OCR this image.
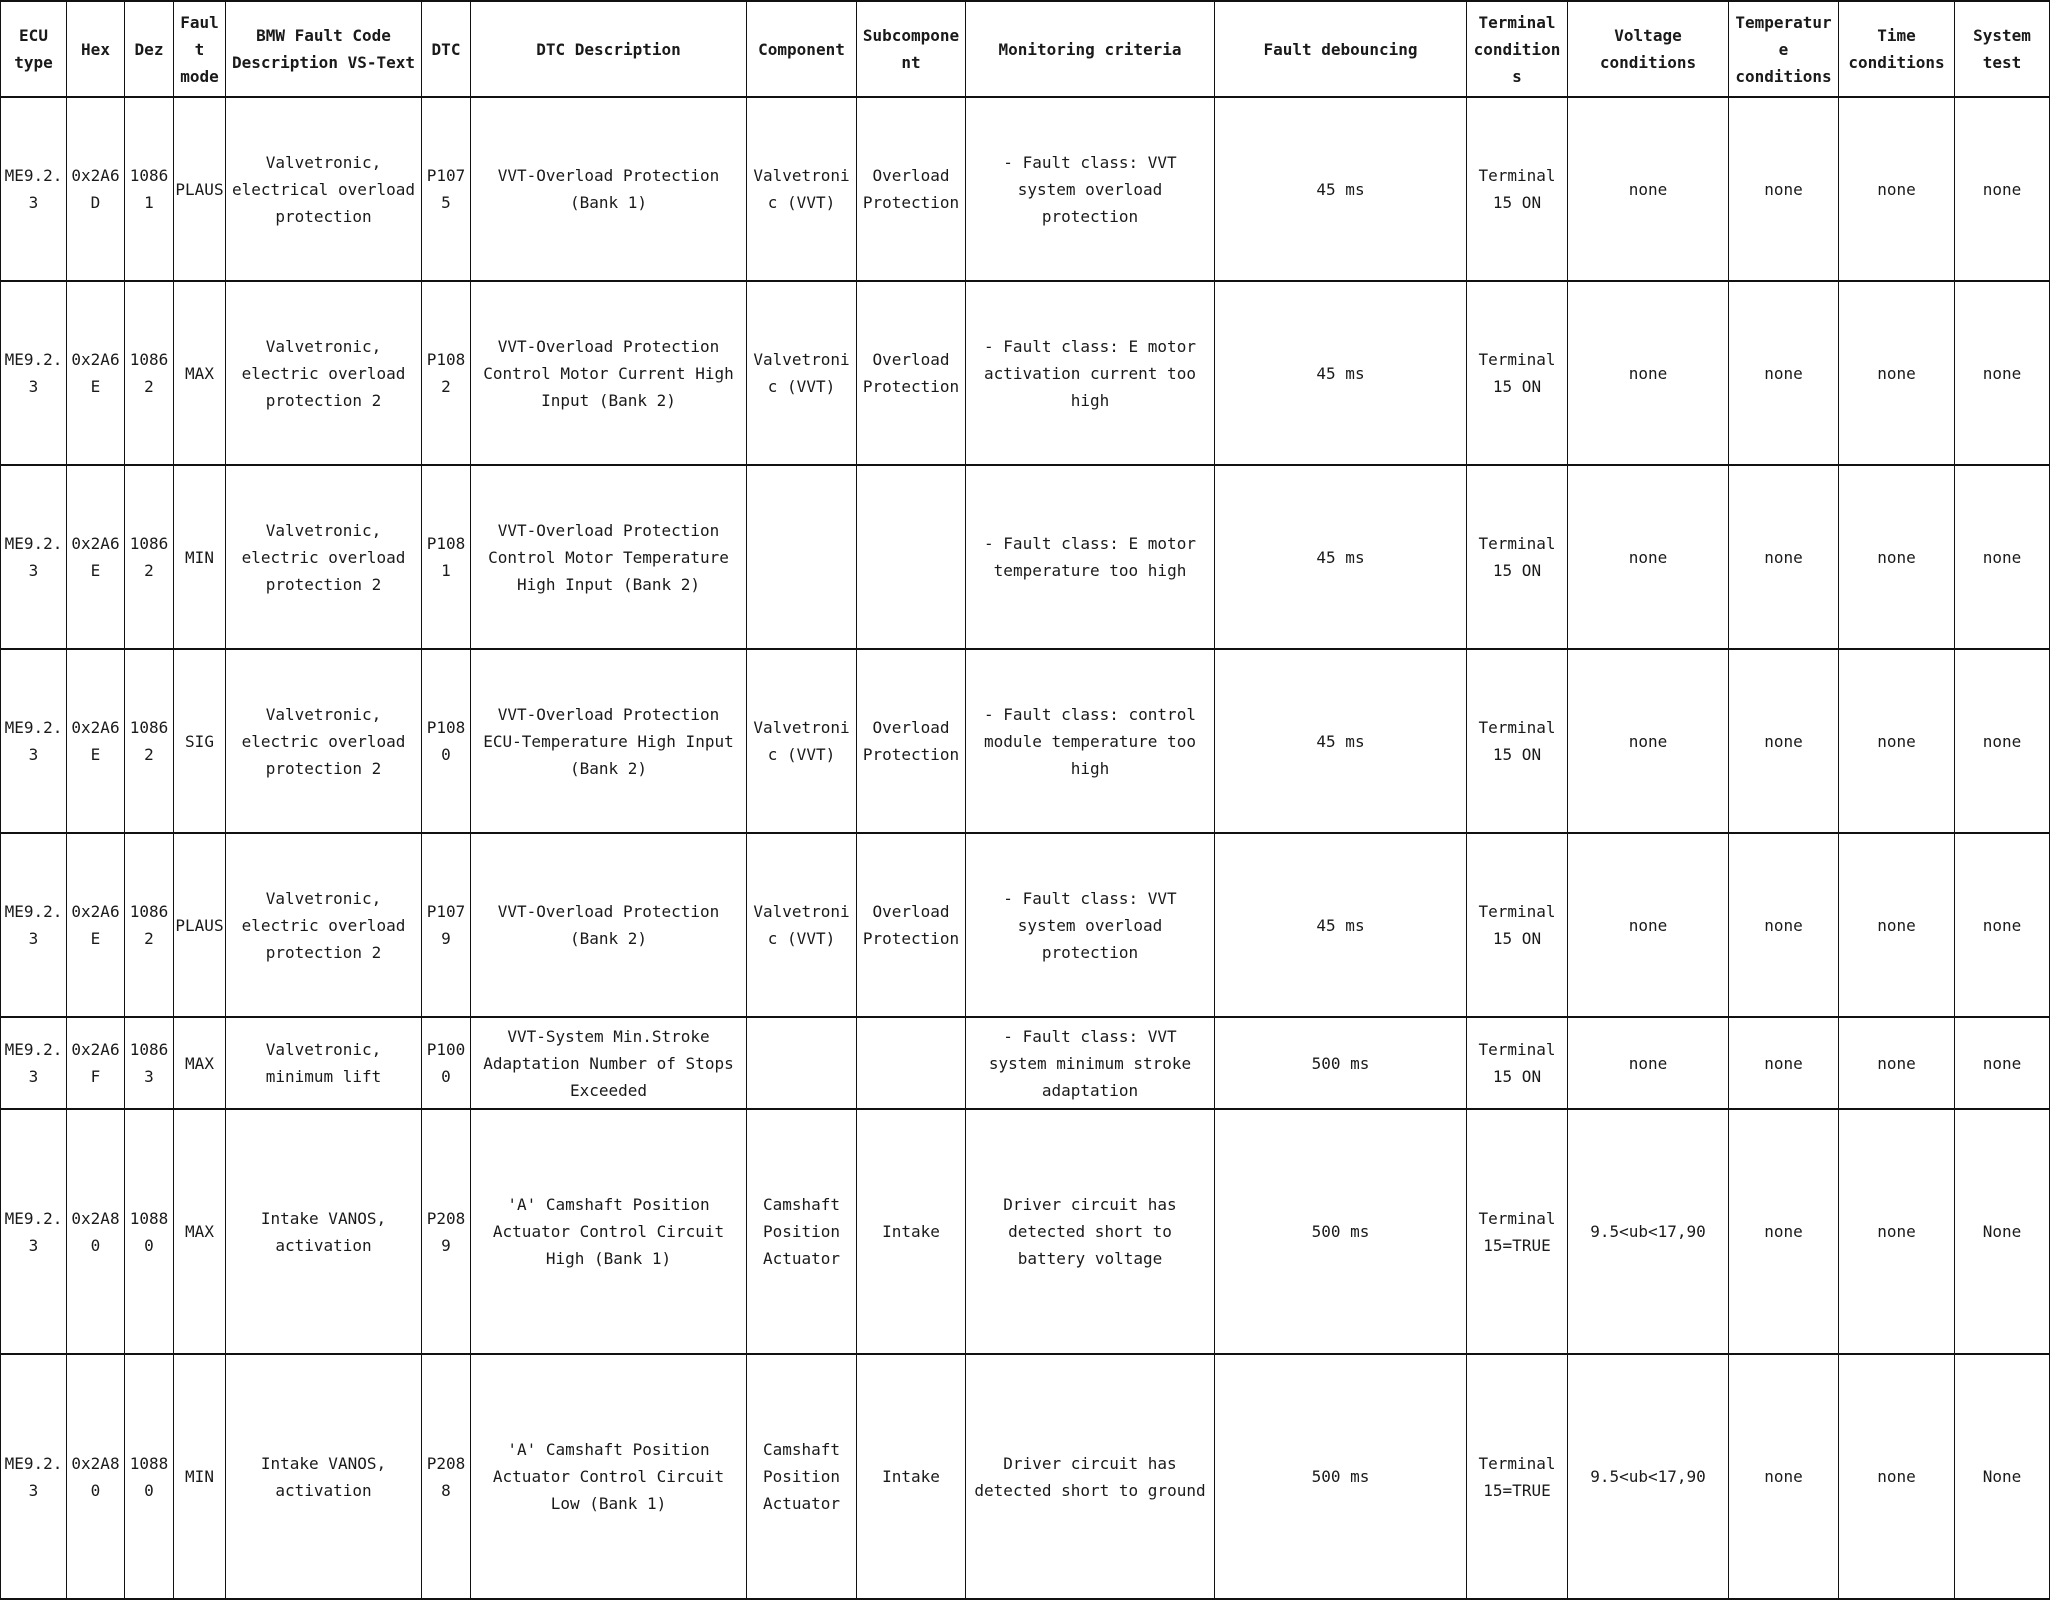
ECU type	Hex	Dez	Fault mode	BMW Fault Code Description VS-Text	DTC	DTC Description	Component	Subcomponent	Monitoring criteria	Fault debouncing	Terminal conditions	Voltage conditions	Temperature conditions	Time conditions	System test
ME9.2.3	0x2A6D	10861	PLAUS	Valvetronic, electrical overload protection	P1075	VVT-Overload Protection (Bank 1)	Valvetronic (VVT)	Overload Protection	- Fault class: VVT system overload protection	45 ms	Terminal 15 ON	none	none	none	none
ME9.2.3	0x2A6E	10862	MAX	Valvetronic, electric overload protection 2	P1082	VVT-Overload Protection Control Motor Current High Input (Bank 2)	Valvetronic (VVT)	Overload Protection	- Fault class: E motor activation current too high	45 ms	Terminal 15 ON	none	none	none	none
ME9.2.3	0x2A6E	10862	MIN	Valvetronic, electric overload protection 2	P1081	VVT-Overload Protection Control Motor Temperature High Input (Bank 2)			- Fault class: E motor temperature too high	45 ms	Terminal 15 ON	none	none	none	none
ME9.2.3	0x2A6E	10862	SIG	Valvetronic, electric overload protection 2	P1080	VVT-Overload Protection ECU-Temperature High Input (Bank 2)	Valvetronic (VVT)	Overload Protection	- Fault class: control module temperature too high	45 ms	Terminal 15 ON	none	none	none	none
ME9.2.3	0x2A6E	10862	PLAUS	Valvetronic, electric overload protection 2	P1079	VVT-Overload Protection (Bank 2)	Valvetronic (VVT)	Overload Protection	- Fault class: VVT system overload protection	45 ms	Terminal 15 ON	none	none	none	none
ME9.2.3	0x2A6F	10863	MAX	Valvetronic, minimum lift	P1000	VVT-System Min.Stroke Adaptation Number of Stops Exceeded			- Fault class: VVT system minimum stroke adaptation	500 ms	Terminal 15 ON	none	none	none	none
ME9.2.3	0x2A80	10880	MAX	Intake VANOS, activation	P2089	'A' Camshaft Position Actuator Control Circuit High (Bank 1)	Camshaft Position Actuator	Intake	Driver circuit has detected short to battery voltage	500 ms	Terminal 15=TRUE	9.5<ub<17,90	none	none	None
ME9.2.3	0x2A80	10880	MIN	Intake VANOS, activation	P2088	'A' Camshaft Position Actuator Control Circuit Low (Bank 1)	Camshaft Position Actuator	Intake	Driver circuit has detected short to ground	500 ms	Terminal 15=TRUE	9.5<ub<17,90	none	none	None
